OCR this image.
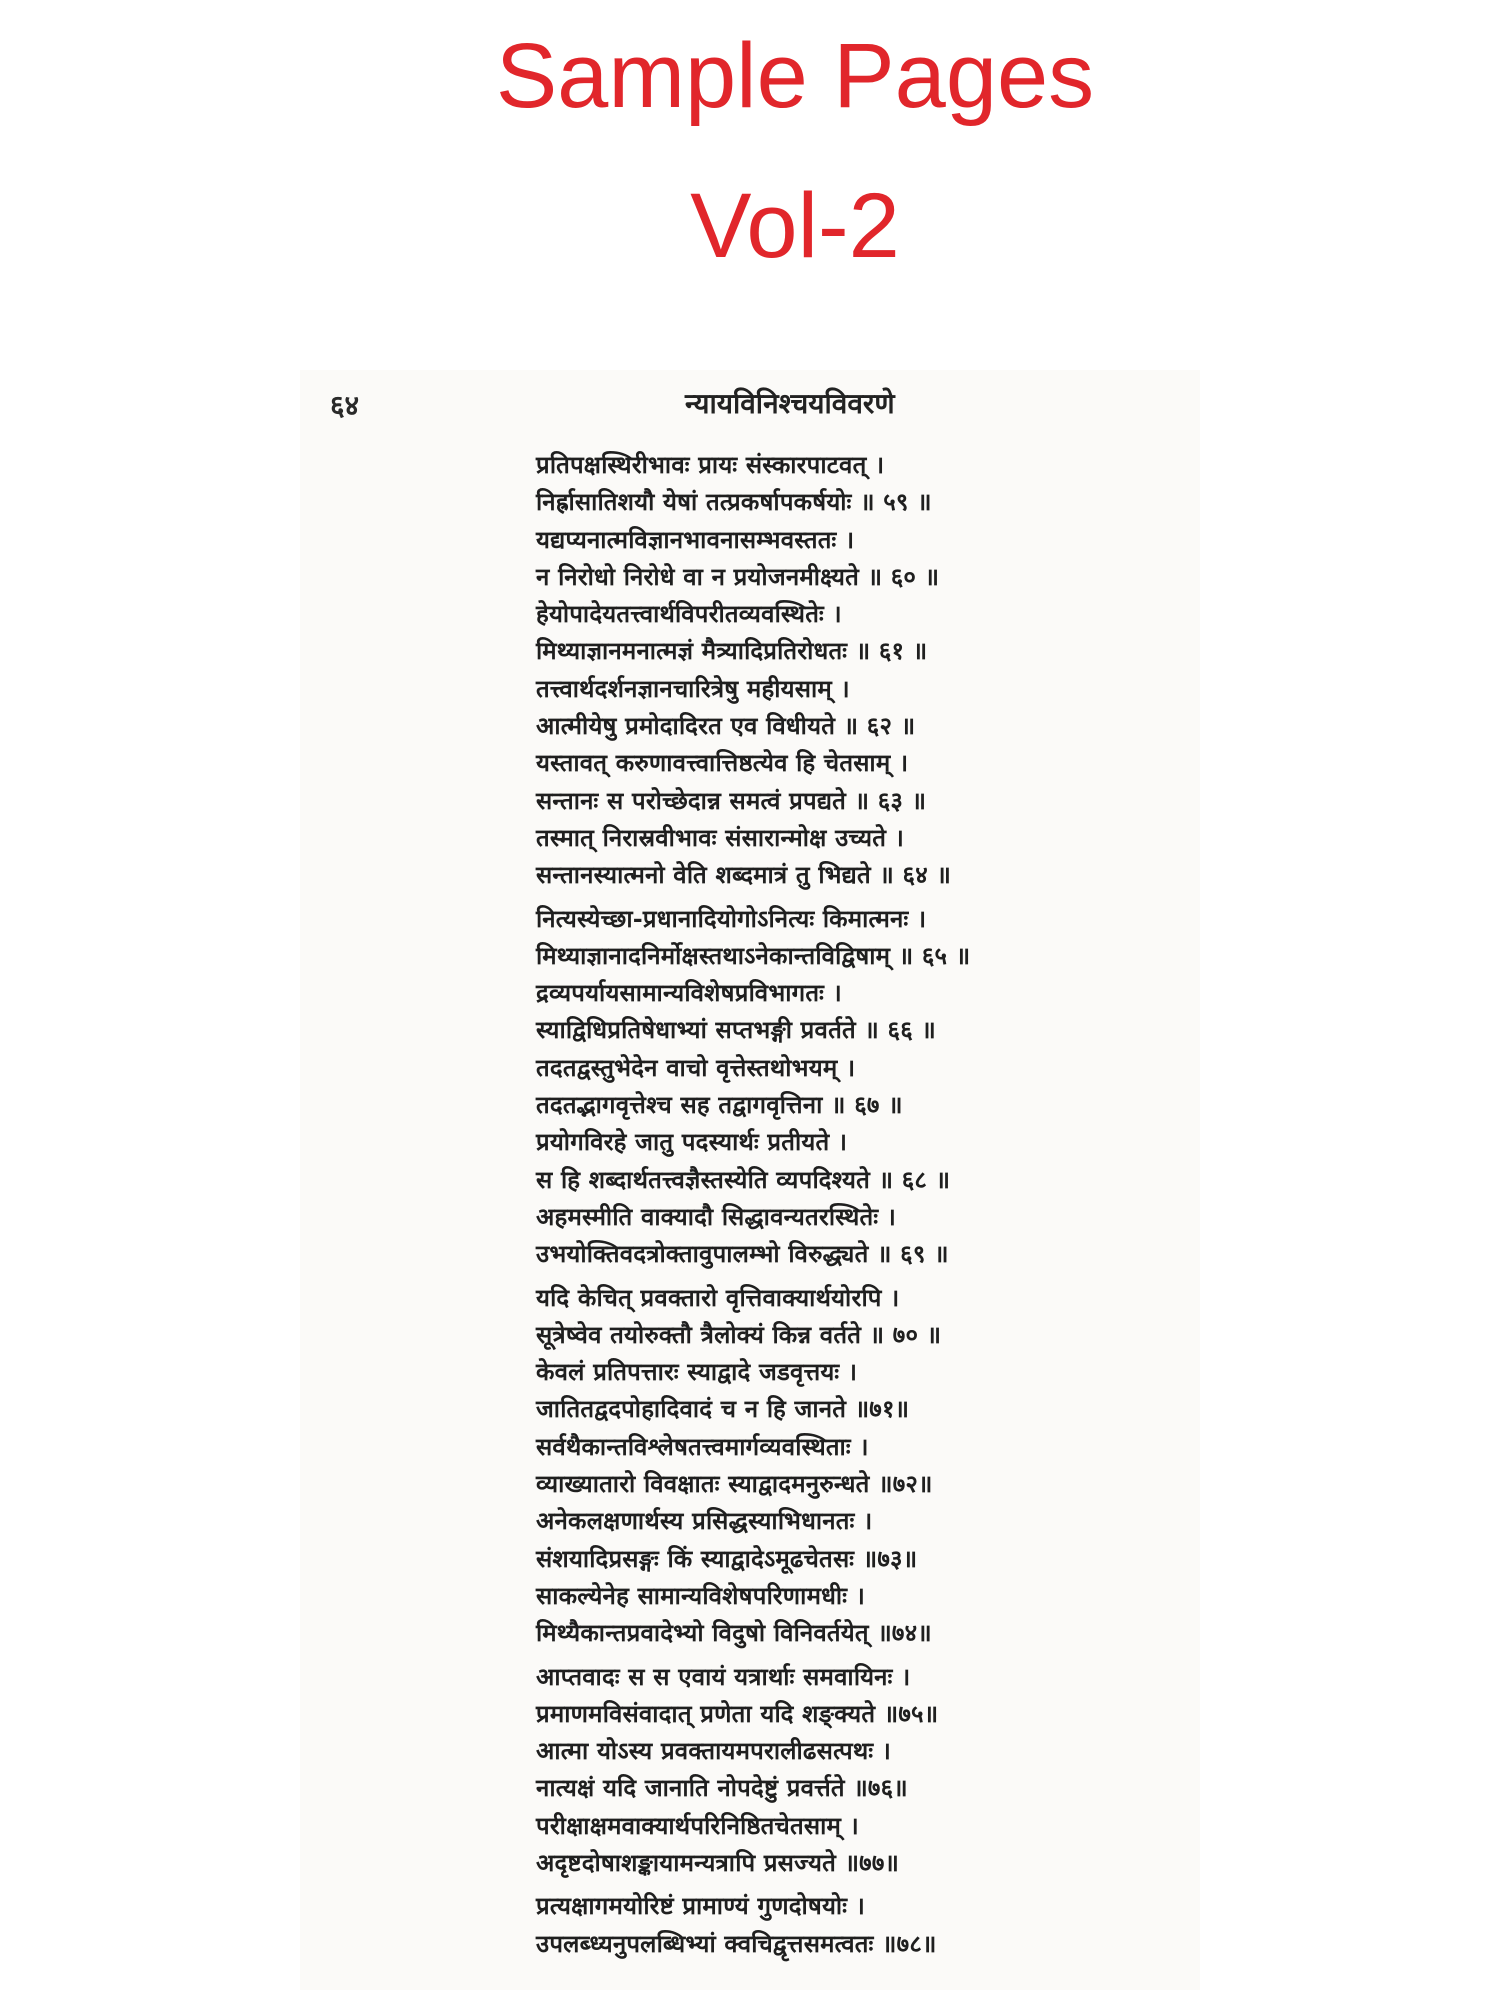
Sample Pages
Vol-2
६४	न्यायविनिश्चयविवरणे
प्रतिपक्षस्थिरीभावः प्रायः संस्कारपाटवत् ।
निर्ह्रासातिशयौ येषां तत्प्रकर्षापकर्षयोः ॥ ५९ ॥
यद्यप्यनात्मविज्ञानभावनासम्भवस्ततः ।
न निरोधो निरोधे वा न प्रयोजनमीक्ष्यते ॥ ६० ॥
हेयोपादेयतत्त्वार्थविपरीतव्यवस्थितेः ।
मिथ्याज्ञानमनात्मज्ञं मैत्र्यादिप्रतिरोधतः ॥ ६१ ॥
तत्त्वार्थदर्शनज्ञानचारित्रेषु महीयसाम् ।
आत्मीयेषु प्रमोदादिरत एव विधीयते ॥ ६२ ॥
यस्तावत् करुणावत्त्वात्तिष्ठत्येव हि चेतसाम् ।
सन्तानः स परोच्छेदान्न समत्वं प्रपद्यते ॥ ६३ ॥
तस्मात् निरास्रवीभावः संसारान्मोक्ष उच्यते ।
सन्तानस्यात्मनो वेति शब्दमात्रं तु भिद्यते ॥ ६४ ॥
नित्यस्येच्छा-प्रधानादियोगोऽनित्यः किमात्मनः ।
मिथ्याज्ञानादनिर्मोक्षस्तथाऽनेकान्तविद्विषाम् ॥ ६५ ॥
द्रव्यपर्यायसामान्यविशेषप्रविभागतः ।
स्याद्विधिप्रतिषेधाभ्यां सप्तभङ्गी प्रवर्तते ॥ ६६ ॥
तदतद्वस्तुभेदेन वाचो वृत्तेस्तथोभयम् ।
तदतद्भागवृत्तेश्च सह तद्वागवृत्तिना ॥ ६७ ॥
प्रयोगविरहे जातु पदस्यार्थः प्रतीयते ।
स हि शब्दार्थतत्त्वज्ञैस्तस्येति व्यपदिश्यते ॥ ६८ ॥
अहमस्मीति वाक्यादौ सिद्धावन्यतरस्थितेः ।
उभयोक्तिवदत्रोक्तावुपालम्भो विरुद्ध्यते ॥ ६९ ॥
यदि केचित् प्रवक्तारो वृत्तिवाक्यार्थयोरपि ।
सूत्रेष्वेव तयोरुक्तौ त्रैलोक्यं किन्न वर्तते ॥ ७० ॥
केवलं प्रतिपत्तारः स्याद्वादे जडवृत्तयः ।
जातितद्वदपोहादिवादं च न हि जानते ॥७१॥
सर्वथैकान्तविश्लेषतत्त्वमार्गव्यवस्थिताः ।
व्याख्यातारो विवक्षातः स्याद्वादमनुरुन्धते ॥७२॥
अनेकलक्षणार्थस्य प्रसिद्धस्याभिधानतः ।
संशयादिप्रसङ्गः किं स्याद्वादेऽमूढचेतसः ॥७३॥
साकल्येनेह सामान्यविशेषपरिणामधीः ।
मिथ्यैकान्तप्रवादेभ्यो विदुषो विनिवर्तयेत् ॥७४॥
आप्तवादः स स एवायं यत्रार्थाः समवायिनः ।
प्रमाणमविसंवादात् प्रणेता यदि शङ्क्यते ॥७५॥
आत्मा योऽस्य प्रवक्तायमपरालीढसत्पथः ।
नात्यक्षं यदि जानाति नोपदेष्टुं प्रवर्त्तते ॥७६॥
परीक्षाक्षमवाक्यार्थपरिनिष्ठितचेतसाम् ।
अदृष्टदोषाशङ्कायामन्यत्रापि प्रसज्यते ॥७७॥
प्रत्यक्षागमयोरिष्टं प्रामाण्यं गुणदोषयोः ।
उपलब्ध्यनुपलब्धिभ्यां क्वचिद्वृत्तसमत्वतः ॥७८॥
